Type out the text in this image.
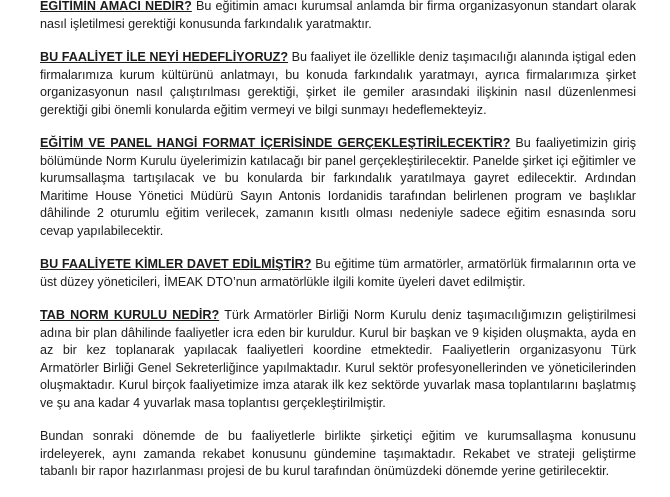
EĞİTİMİN AMACI NEDİR? Bu eğitimin amacı kurumsal anlamda bir firma organizasyonun standart olarak nasıl işletilmesi gerektiği konusunda farkındalık yaratmaktır.

BU FAALİYET İLE NEYİ HEDEFLİYORUZ? Bu faaliyet ile özellikle deniz taşımacılığı alanında iştigal eden firmalarımıza kurum kültürünü anlatmayı, bu konuda farkındalık yaratmayı, ayrıca firmalarımıza şirket organizasyonun nasıl çalıştırılması gerektiği, şirket ile gemiler arasındaki ilişkinin nasıl düzenlenmesi gerektiği gibi önemli konularda eğitim vermeyi ve bilgi sunmayı hedeflemekteyiz.

EĞİTİM VE PANEL HANGİ FORMAT İÇERİSİNDE GERÇEKLEŞTİRİLECEKTİR? Bu faaliyetimizin giriş bölümünde Norm Kurulu üyelerimizin katılacağı bir panel gerçekleştirilecektir. Panelde şirket içi eğitimler ve kurumsallaşma tartışılacak ve bu konularda bir farkındalık yaratılmaya gayret edilecektir. Ardından Maritime House Yönetici Müdürü Sayın Antonis Iordanidis tarafından belirlenen program ve başlıklar dâhilinde 2 oturumlu eğitim verilecek, zamanın kısıtlı olması nedeniyle sadece eğitim esnasında soru cevap yapılabilecektir.

BU FAALİYETE KİMLER DAVET EDİLMİŞTİR? Bu eğitime tüm armatörler, armatörlük firmalarının orta ve üst düzey yöneticileri, İMEAK DTO’nun armatörlükle ilgili komite üyeleri davet edilmiştir.

TAB NORM KURULU NEDİR? Türk Armatörler Birliği Norm Kurulu deniz taşımacılığımızın geliştirilmesi adına bir plan dâhilinde faaliyetler icra eden bir kuruldur. Kurul bir başkan ve 9 kişiden oluşmakta, ayda en az bir kez toplanarak yapılacak faaliyetleri koordine etmektedir. Faaliyetlerin organizasyonu Türk Armatörler Birliği Genel Sekreterliğince yapılmaktadır. Kurul sektör profesyonellerinden ve yöneticilerinden oluşmaktadır. Kurul birçok faaliyetimize imza atarak ilk kez sektörde yuvarlak masa toplantılarını başlatmış ve şu ana kadar 4 yuvarlak masa toplantısı gerçekleştirilmiştir.

Bundan sonraki dönemde de bu faaliyetlerle birlikte şirketiçi eğitim ve kurumsallaşma konusunu irdeleyerek, aynı zamanda rekabet konusunu gündemine taşımaktadır. Rekabet ve strateji geliştirme tabanlı bir rapor hazırlanması projesi de bu kurul tarafından önümüzdeki dönemde yerine getirilecektir.
